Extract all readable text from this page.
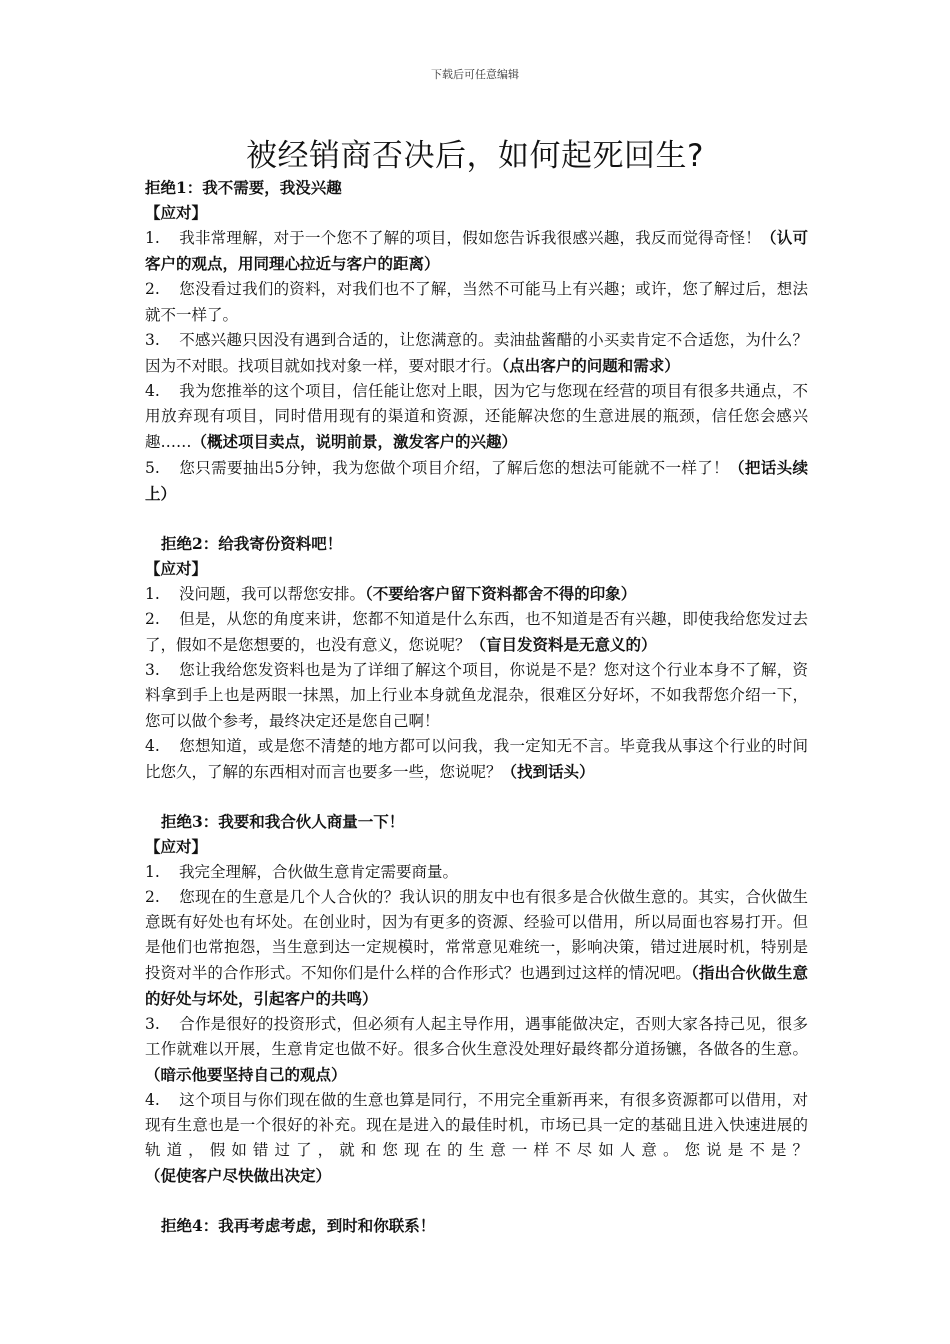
下载后可任意编辑
被经销商否决后，如何起死回生?

拒绝1：我不需要，我没兴趣

【应对】

1. 我非常理解，对于一个您不了解的项目，假如您告诉我很感兴趣，我反而觉得奇怪！（认可客户的观点，用同理心拉近与客户的距离）

2. 您没看过我们的资料，对我们也不了解，当然不可能马上有兴趣；或许，您了解过后，想法就不一样了。

3. 不感兴趣只因没有遇到合适的，让您满意的。卖油盐酱醋的小买卖肯定不合适您，为什么？因为不对眼。找项目就如找对象一样，要对眼才行。（点出客户的问题和需求）

4. 我为您推举的这个项目，信任能让您对上眼，因为它与您现在经营的项目有很多共通点，不用放弃现有项目，同时借用现有的渠道和资源，还能解决您的生意进展的瓶颈，信任您会感兴趣……（概述项目卖点，说明前景，激发客户的兴趣）

5. 您只需要抽出5分钟，我为您做个项目介绍，了解后您的想法可能就不一样了！（把话头续上）

拒绝2：给我寄份资料吧！

【应对】

1. 没问题，我可以帮您安排。（不要给客户留下资料都舍不得的印象）

2. 但是，从您的角度来讲，您都不知道是什么东西，也不知道是否有兴趣，即使我给您发过去了，假如不是您想要的，也没有意义，您说呢？（盲目发资料是无意义的）

3. 您让我给您发资料也是为了详细了解这个项目，你说是不是？您对这个行业本身不了解，资料拿到手上也是两眼一抹黑，加上行业本身就鱼龙混杂，很难区分好坏，不如我帮您介绍一下，您可以做个参考，最终决定还是您自己啊！

4. 您想知道，或是您不清楚的地方都可以问我，我一定知无不言。毕竟我从事这个行业的时间比您久，了解的东西相对而言也要多一些，您说呢？（找到话头）

拒绝3：我要和我合伙人商量一下！

【应对】

1. 我完全理解，合伙做生意肯定需要商量。

2. 您现在的生意是几个人合伙的？我认识的朋友中也有很多是合伙做生意的。其实，合伙做生意既有好处也有坏处。在创业时，因为有更多的资源、经验可以借用，所以局面也容易打开。但是他们也常抱怨，当生意到达一定规模时，常常意见难统一，影响决策，错过进展时机，特别是投资对半的合作形式。不知你们是什么样的合作形式？也遇到过这样的情况吧。（指出合伙做生意的好处与坏处，引起客户的共鸣）

3. 合作是很好的投资形式，但必须有人起主导作用，遇事能做决定，否则大家各持己见，很多工作就难以开展，生意肯定也做不好。很多合伙生意没处理好最终都分道扬镳，各做各的生意。（暗示他要坚持自己的观点）

4. 这个项目与你们现在做的生意也算是同行，不用完全重新再来，有很多资源都可以借用，对现有生意也是一个很好的补充。现在是进入的最佳时机，市场已具一定的基础且进入快速进展的轨道，假如错过了，就和您现在的生意一样不尽如人意。您说是不是？（促使客户尽快做出决定）

拒绝4：我再考虑考虑，到时和你联系！
